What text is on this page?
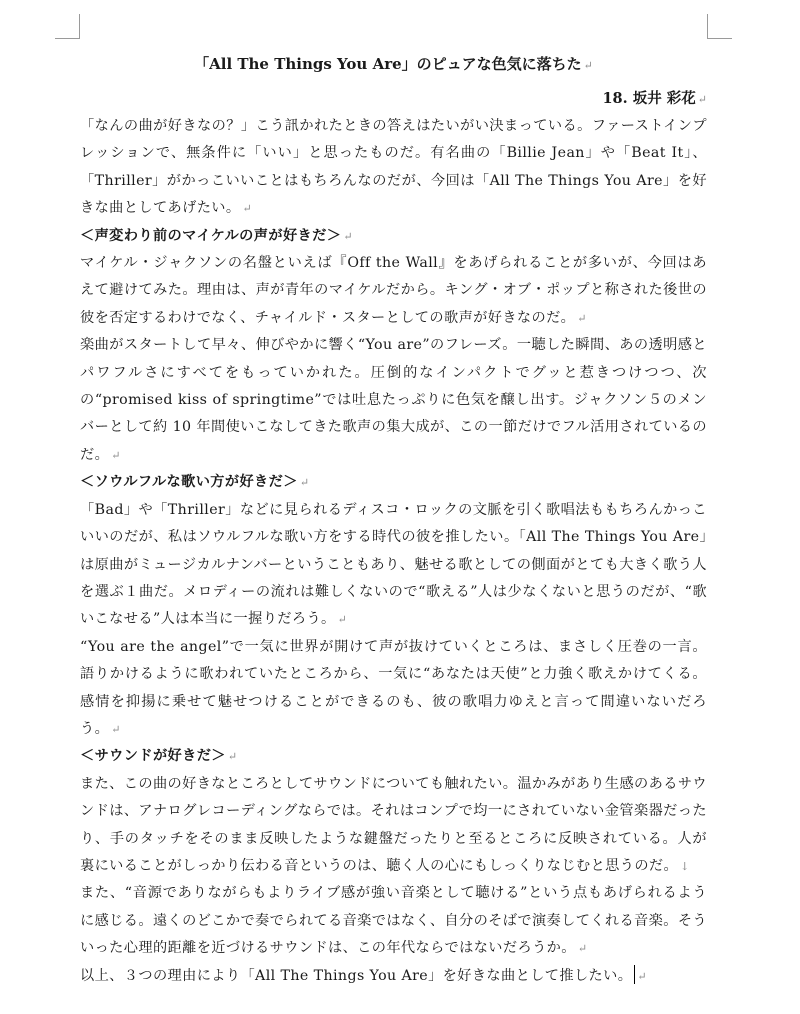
「All The Things You Are」のピュアな色気に落ちた ↵

18. 坂井 彩花 ↵

「なんの曲が好きなの？」こう訊かれたときの答えはたいがい決まっている。ファーストインプレッションで、無条件に「いい」と思ったものだ。有名曲の「Billie Jean」や「Beat It」、「Thriller」がかっこいいことはもちろんなのだが、今回は「All The Things You Are」を好きな曲としてあげたい。 ↵

＜声変わり前のマイケルの声が好きだ＞ ↵

マイケル・ジャクソンの名盤といえば『Off the Wall』をあげられることが多いが、今回はあえて避けてみた。理由は、声が青年のマイケルだから。キング・オブ・ポップと称された後世の彼を否定するわけでなく、チャイルド・スターとしての歌声が好きなのだ。 ↵

楽曲がスタートして早々、伸びやかに響く“You are”のフレーズ。一聴した瞬間、あの透明感とパワフルさにすべてをもっていかれた。圧倒的なインパクトでグッと惹きつけつつ、次の“promised kiss of springtime”では吐息たっぷりに色気を醸し出す。ジャクソン５のメンバーとして約 10 年間使いこなしてきた歌声の集大成が、この一節だけでフル活用されているのだ。 ↵

＜ソウルフルな歌い方が好きだ＞ ↵

「Bad」や「Thriller」などに見られるディスコ・ロックの文脈を引く歌唱法ももちろんかっこいいのだが、私はソウルフルな歌い方をする時代の彼を推したい。「All The Things You Are」は原曲がミュージカルナンバーということもあり、魅せる歌としての側面がとても大きく歌う人を選ぶ１曲だ。メロディーの流れは難しくないので“歌える”人は少なくないと思うのだが、“歌いこなせる”人は本当に一握りだろう。 ↵

“You are the angel”で一気に世界が開けて声が抜けていくところは、まさしく圧巻の一言。語りかけるように歌われていたところから、一気に“あなたは天使”と力強く歌えかけてくる。感情を抑揚に乗せて魅せつけることができるのも、彼の歌唱力ゆえと言って間違いないだろう。 ↵

＜サウンドが好きだ＞ ↵

また、この曲の好きなところとしてサウンドについても触れたい。温かみがあり生感のあるサウンドは、アナログレコーディングならでは。それはコンプで均一にされていない金管楽器だったり、手のタッチをそのまま反映したような鍵盤だったりと至るところに反映されている。人が裏にいることがしっかり伝わる音というのは、聴く人の心にもしっくりなじむと思うのだ。 ↓

また、“音源でありながらもよりライブ感が強い音楽として聴ける”という点もあげられるように感じる。遠くのどこかで奏でられてる音楽ではなく、自分のそばで演奏してくれる音楽。そういった心理的距離を近づけるサウンドは、この年代ならではないだろうか。 ↵

以上、３つの理由により「All The Things You Are」を好きな曲として推したい。 ↵
